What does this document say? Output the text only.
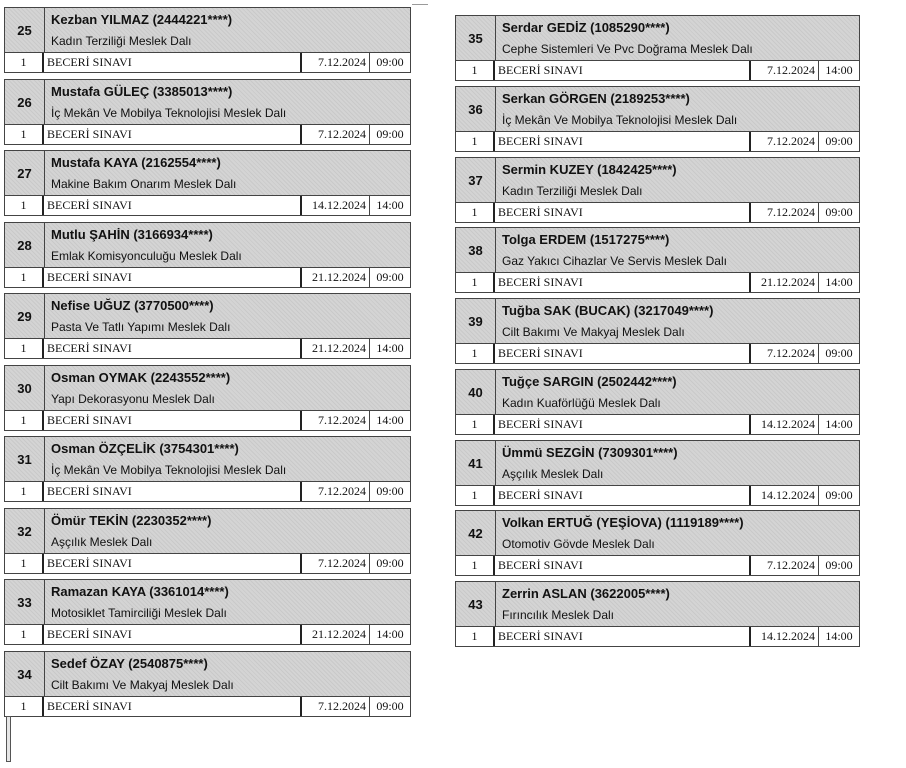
25
Kezban YILMAZ (2444221****)
Kadın Terziliği Meslek Dalı
1	BECERİ SINAVI	7.12.2024 09:00
26
Mustafa GÜLEÇ (3385013****)
İç Mekân Ve Mobilya Teknolojisi Meslek Dalı
1	BECERİ SINAVI	7.12.2024 09:00
27
Mustafa KAYA (2162554****)
Makine Bakım Onarım Meslek Dalı
1	BECERİ SINAVI	14.12.2024 14:00
28
Mutlu ŞAHİN (3166934****)
Emlak Komisyonculuğu Meslek Dalı
1	BECERİ SINAVI	21.12.2024 09:00
29
Nefise UĞUZ (3770500****)
Pasta Ve Tatlı Yapımı Meslek Dalı
1	BECERİ SINAVI	21.12.2024 14:00
30
Osman OYMAK (2243552****)
Yapı Dekorasyonu Meslek Dalı
1	BECERİ SINAVI	7.12.2024 14:00
31
Osman ÖZÇELİK (3754301****)
İç Mekân Ve Mobilya Teknolojisi Meslek Dalı
1	BECERİ SINAVI	7.12.2024 09:00
32
Ömür TEKİN (2230352****)
Aşçılık Meslek Dalı
1	BECERİ SINAVI	7.12.2024 09:00
33
Ramazan KAYA (3361014****)
Motosiklet Tamirciliği Meslek Dalı
1	BECERİ SINAVI	21.12.2024 14:00
34
Sedef ÖZAY (2540875****)
Cilt Bakımı Ve Makyaj Meslek Dalı
1	BECERİ SINAVI	7.12.2024 09:00
35
Serdar GEDİZ (1085290****)
Cephe Sistemleri Ve Pvc Doğrama Meslek Dalı
1	BECERİ SINAVI	7.12.2024 14:00
36
Serkan GÖRGEN (2189253****)
İç Mekân Ve Mobilya Teknolojisi Meslek Dalı
1	BECERİ SINAVI	7.12.2024 09:00
37
Sermin KUZEY (1842425****)
Kadın Terziliği Meslek Dalı
1	BECERİ SINAVI	7.12.2024 09:00
38
Tolga ERDEM (1517275****)
Gaz Yakıcı Cihazlar Ve Servis Meslek Dalı
1	BECERİ SINAVI	21.12.2024 14:00
39
Tuğba SAK (BUCAK) (3217049****)
Cilt Bakımı Ve Makyaj Meslek Dalı
1	BECERİ SINAVI	7.12.2024 09:00
40
Tuğçe SARGIN (2502442****)
Kadın Kuaförlüğü Meslek Dalı
1	BECERİ SINAVI	14.12.2024 14:00
41
Ümmü SEZGİN (7309301****)
Aşçılık Meslek Dalı
1	BECERİ SINAVI	14.12.2024 09:00
42
Volkan ERTUĞ (YEŞİOVA) (1119189****)
Otomotiv Gövde Meslek Dalı
1	BECERİ SINAVI	7.12.2024 09:00
43
Zerrin ASLAN (3622005****)
Fırıncılık Meslek Dalı
1	BECERİ SINAVI	14.12.2024 14:00
